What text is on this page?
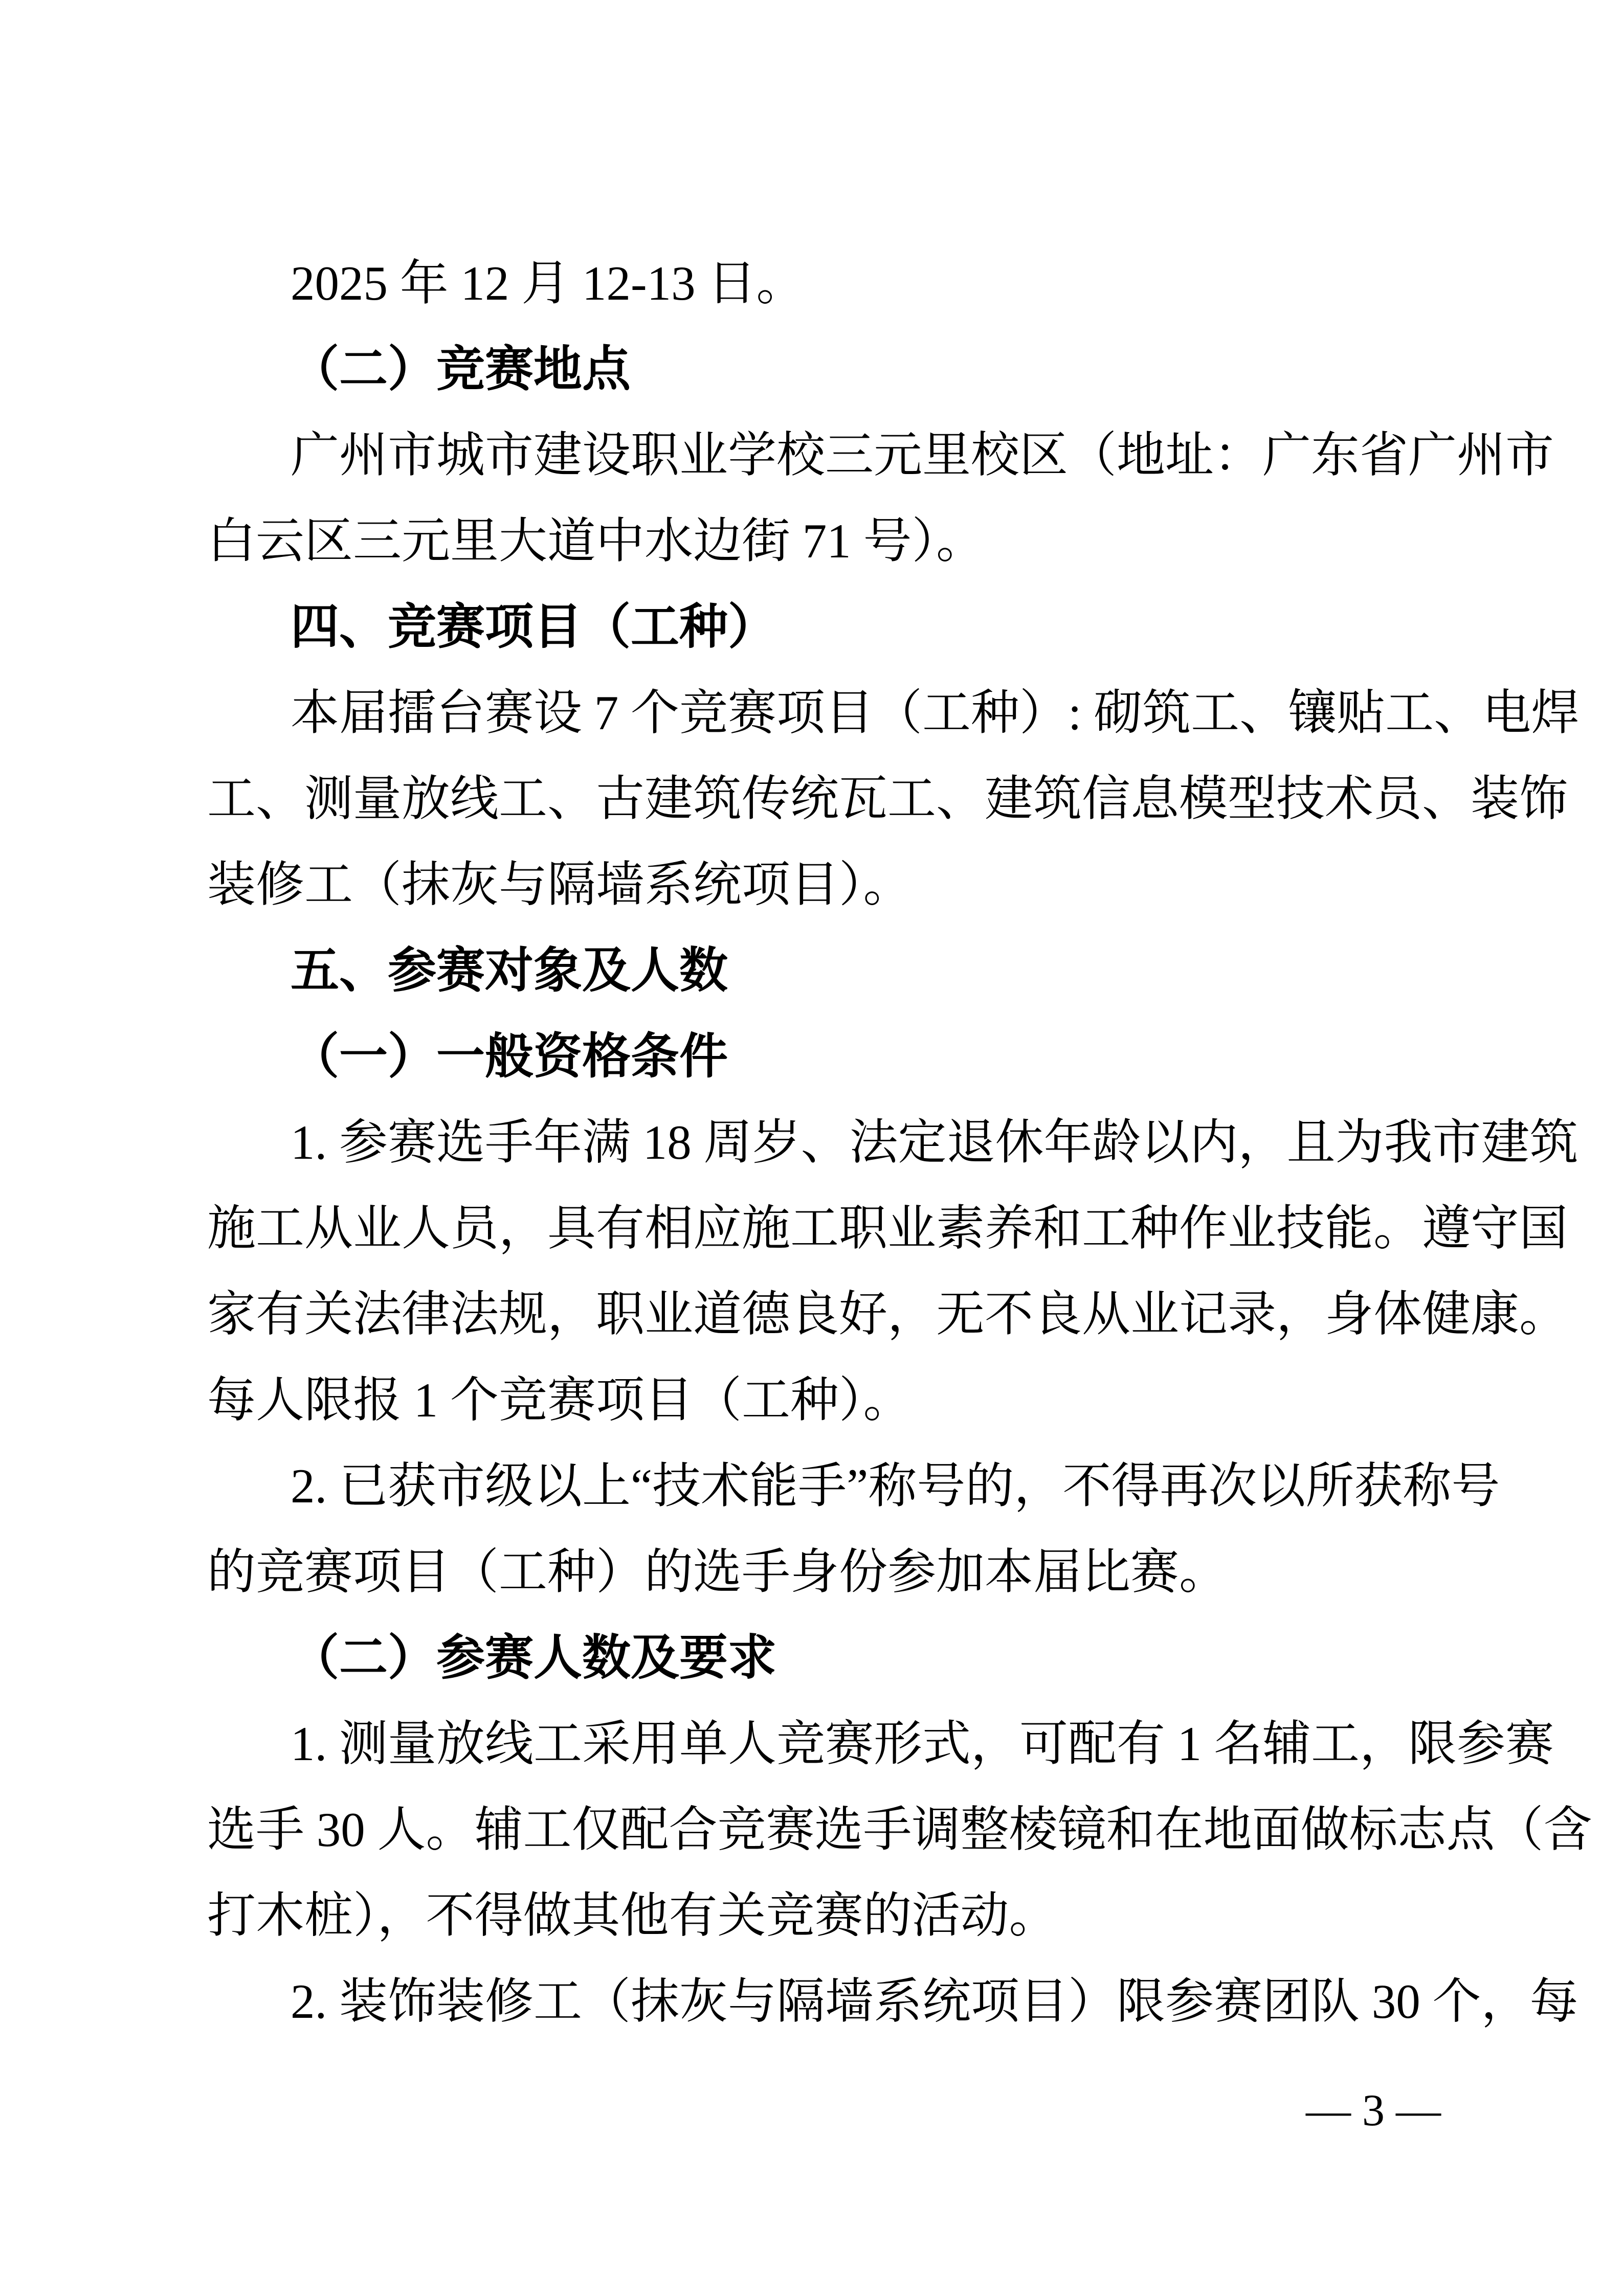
2025 年 12 月 12-13 日。
（二）竞赛地点
广州市城市建设职业学校三元里校区（地址：广东省广州市
白云区三元里大道中水边街 71 号）。
四、竞赛项目（工种）
本届擂台赛设 7 个竞赛项目（工种）: 砌筑工、镶贴工、电焊
工、测量放线工、古建筑传统瓦工、建筑信息模型技术员、装饰
装修工（抹灰与隔墙系统项目）。
五、参赛对象及人数
（一）一般资格条件
1. 参赛选手年满 18 周岁、法定退休年龄以内，且为我市建筑
施工从业人员，具有相应施工职业素养和工种作业技能。遵守国
家有关法律法规，职业道德良好，无不良从业记录，身体健康。
每人限报 1 个竞赛项目（工种）。
2. 已获市级以上“技术能手”称号的，不得再次以所获称号
的竞赛项目（工种）的选手身份参加本届比赛。
（二）参赛人数及要求
1. 测量放线工采用单人竞赛形式，可配有 1 名辅工，限参赛
选手 30 人。辅工仅配合竞赛选手调整棱镜和在地面做标志点（含
打木桩），不得做其他有关竞赛的活动。
2. 装饰装修工（抹灰与隔墙系统项目）限参赛团队 30 个，每
— 3 —
